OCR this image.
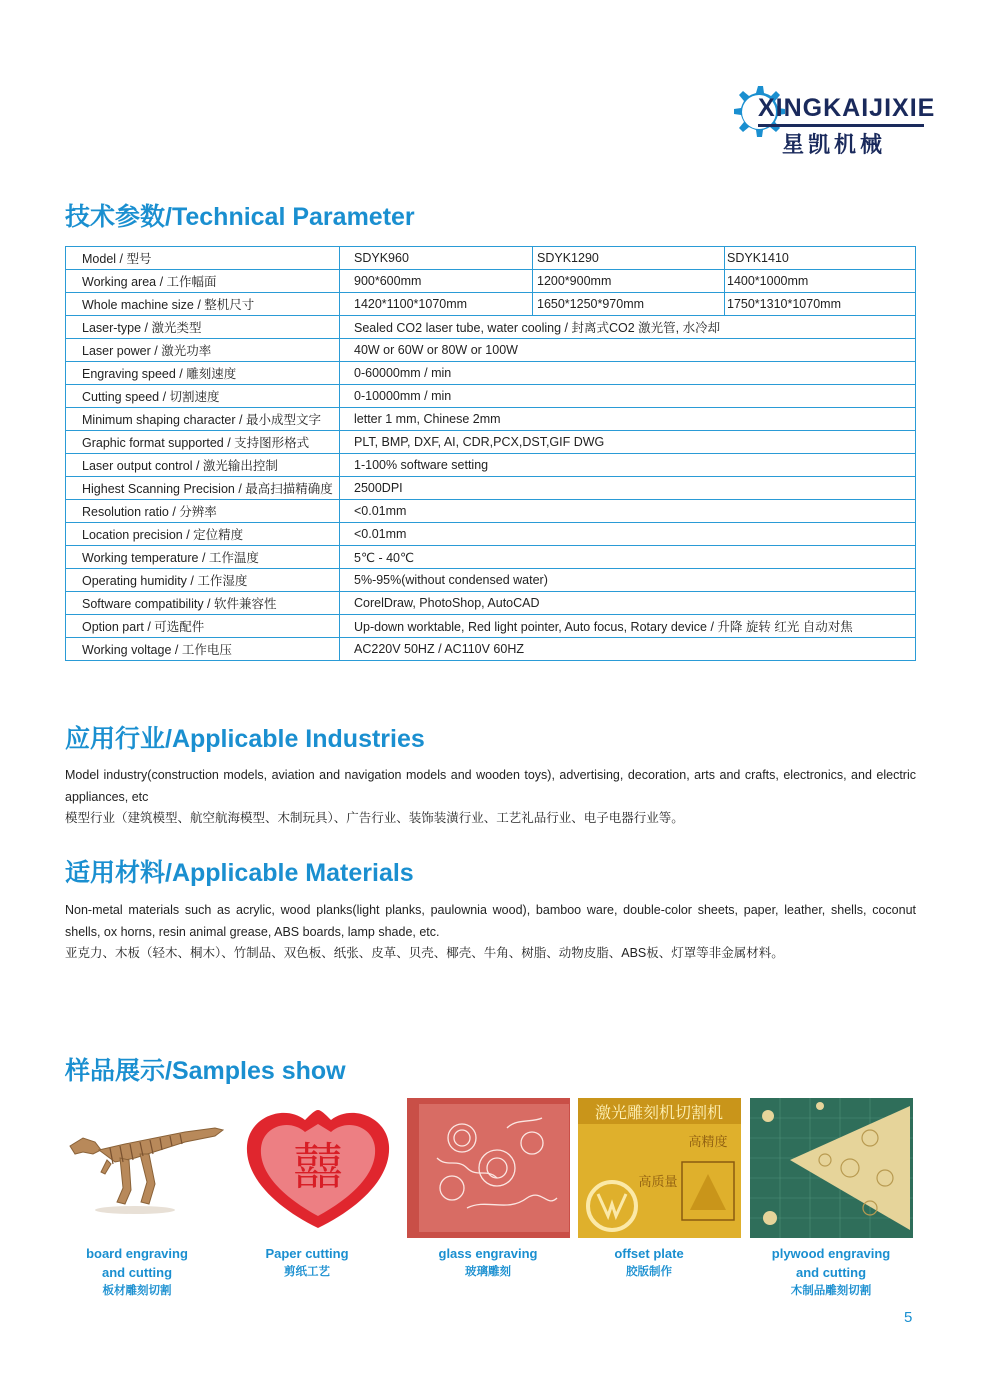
XINGKAIJIXIE
星凯机械
技术参数/Technical Parameter
Model / 型号	SDYK960	SDYK1290	SDYK1410
Working area / 工作幅面	900*600mm	1200*900mm	1400*1000mm
Whole machine size / 整机尺寸	1420*1100*1070mm	1650*1250*970mm	1750*1310*1070mm
Laser-type / 激光类型	Sealed CO2 laser tube, water cooling / 封离式CO2 激光管, 水冷却		
Laser power / 激光功率	40W or 60W or 80W or 100W		
Engraving speed / 雕刻速度	0-60000mm / min		
Cutting speed / 切割速度	0-10000mm / min		
Minimum shaping character / 最小成型文字	letter 1 mm, Chinese 2mm		
Graphic format supported / 支持图形格式	PLT, BMP, DXF, AI, CDR,PCX,DST,GIF DWG		
Laser output control / 激光输出控制	1-100% software setting		
Highest Scanning Precision / 最高扫描精确度	2500DPI		
Resolution ratio / 分辨率	<0.01mm		
Location precision / 定位精度	<0.01mm		
Working temperature / 工作温度	5℃ - 40℃		
Operating humidity / 工作湿度	5%-95%(without condensed water)		
Software compatibility / 软件兼容性	CorelDraw, PhotoShop, AutoCAD		
Option part / 可选配件	Up-down worktable, Red light pointer, Auto focus, Rotary device / 升降 旋转 红光 自动对焦		
Working voltage / 工作电压	AC220V 50HZ / AC110V 60HZ		
应用行业/Applicable Industries
Model industry(construction models, aviation and navigation models and wooden toys), advertising, decoration, arts and crafts, electronics, and electric appliances, etc
模型行业（建筑模型、航空航海模型、木制玩具）、广告行业、装饰装潢行业、工艺礼品行业、电子电器行业等。
适用材料/Applicable Materials
Non-metal materials such as acrylic, wood planks(light planks, paulownia wood), bamboo ware, double-color sheets, paper, leather, shells, coconut shells, ox horns, resin animal grease, ABS boards, lamp shade, etc.
亚克力、木板（轻木、桐木）、竹制品、双色板、纸张、皮革、贝壳、椰壳、牛角、树脂、动物皮脂、ABS板、灯罩等非金属材料。
样品展示/Samples show
囍
激光雕刻机切割机
高精度
高质量
board engraving
and cutting
板材雕刻切割
Paper cutting
剪纸工艺
glass engraving
玻璃雕刻
offset plate
胶版制作
plywood engraving
and cutting
木制品雕刻切割
5
